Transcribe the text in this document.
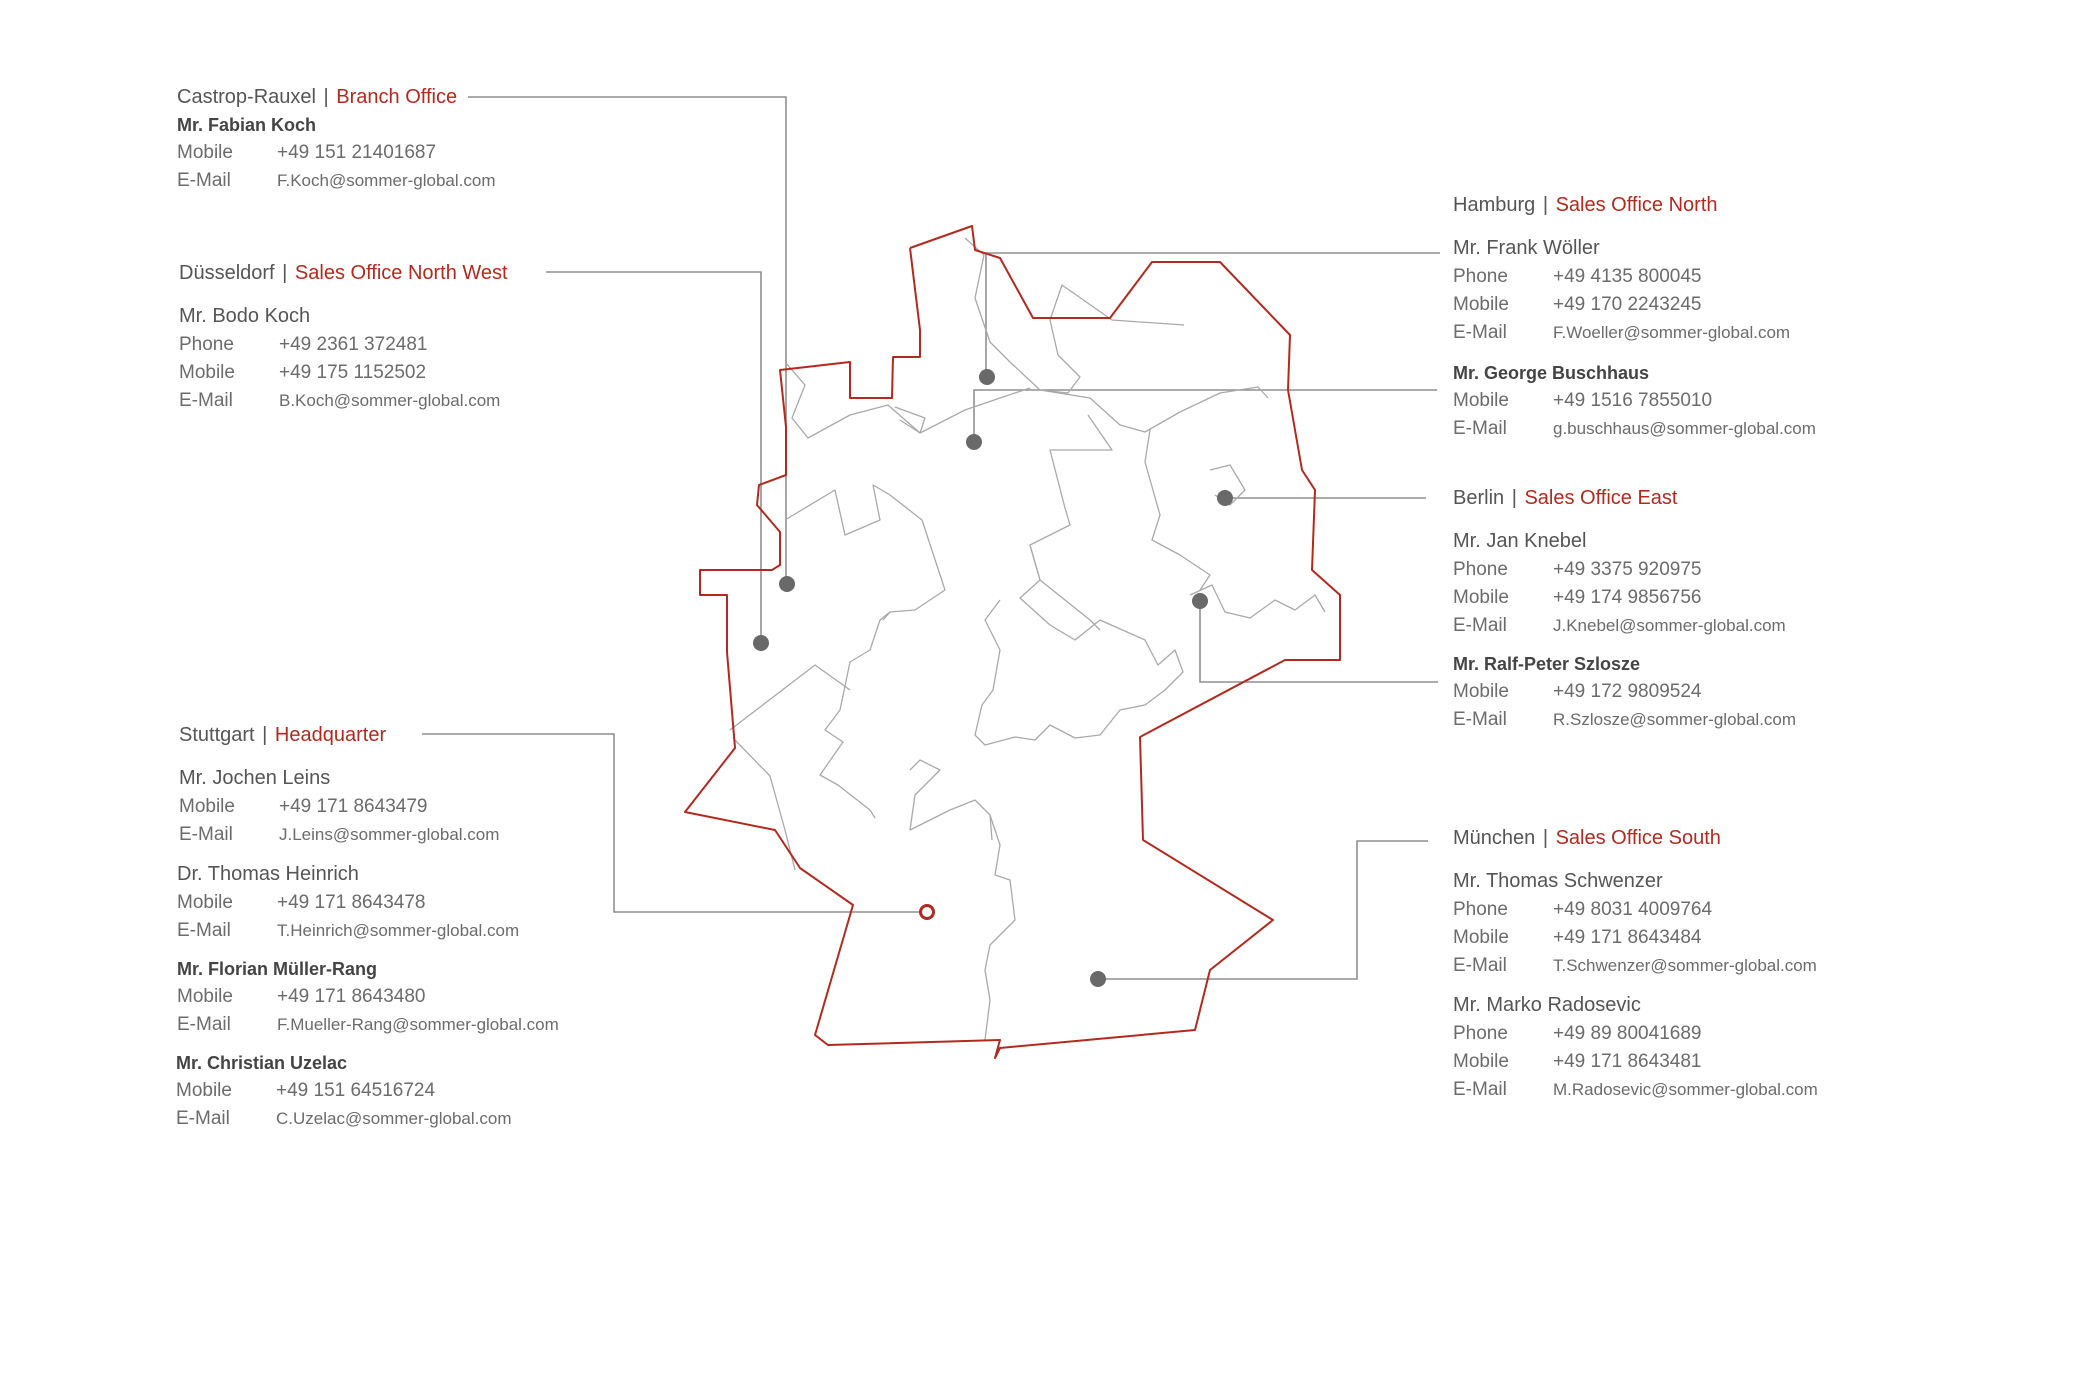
Castrop-Rauxel | Branch Office
Mr. Fabian Koch
Mobile	+49 151 21401687
E-Mail	F.Koch@sommer-global.com
Düsseldorf | Sales Office North West
Mr. Bodo Koch
Phone	+49 2361 372481
Mobile	+49 175 1152502
E-Mail	B.Koch@sommer-global.com
Stuttgart | Headquarter
Mr. Jochen Leins
Mobile	+49 171 8643479
E-Mail	J.Leins@sommer-global.com
Dr. Thomas Heinrich
Mobile	+49 171 8643478
E-Mail	T.Heinrich@sommer-global.com
Mr. Florian Müller-Rang
Mobile	+49 171 8643480
E-Mail	F.Mueller-Rang@sommer-global.com
Mr. Christian Uzelac
Mobile	+49 151 64516724
E-Mail	C.Uzelac@sommer-global.com
Hamburg | Sales Office North
Mr. Frank Wöller
Phone	+49 4135 800045
Mobile	+49 170 2243245
E-Mail	F.Woeller@sommer-global.com
Mr. George Buschhaus
Mobile	+49 1516 7855010
E-Mail	g.buschhaus@sommer-global.com
Berlin | Sales Office East
Mr. Jan Knebel
Phone	+49 3375 920975
Mobile	+49 174 9856756
E-Mail	J.Knebel@sommer-global.com
Mr. Ralf-Peter Szlosze
Mobile	+49 172 9809524
E-Mail	R.Szlosze@sommer-global.com
München | Sales Office South
Mr. Thomas Schwenzer
Phone	+49 8031 4009764
Mobile	+49 171 8643484
E-Mail	T.Schwenzer@sommer-global.com
Mr. Marko Radosevic
Phone	+49 89 80041689
Mobile	+49 171 8643481
E-Mail	M.Radosevic@sommer-global.com
